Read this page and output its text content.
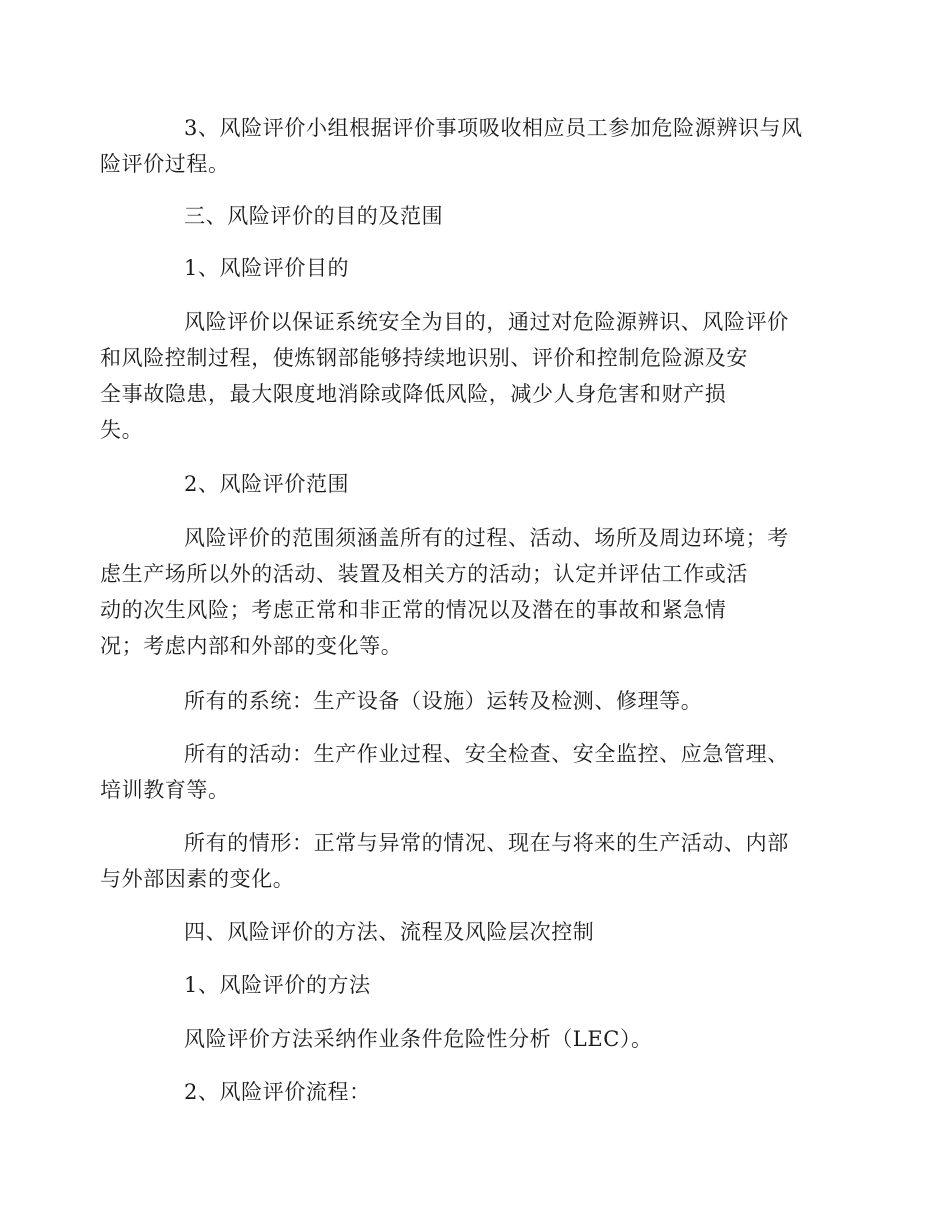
3、风险评价小组根据评价事项吸收相应员工参加危险源辨识与风
险评价过程。
三、风险评价的目的及范围
1、风险评价目的
风险评价以保证系统安全为目的，通过对危险源辨识、风险评价
和风险控制过程，使炼钢部能够持续地识别、评价和控制危险源及安
全事故隐患，最大限度地消除或降低风险，减少人身危害和财产损
失。
2、风险评价范围
风险评价的范围须涵盖所有的过程、活动、场所及周边环境；考
虑生产场所以外的活动、装置及相关方的活动；认定并评估工作或活
动的次生风险；考虑正常和非正常的情况以及潜在的事故和紧急情
况；考虑内部和外部的变化等。
所有的系统：生产设备（设施）运转及检测、修理等。
所有的活动：生产作业过程、安全检查、安全监控、应急管理、
培训教育等。
所有的情形：正常与异常的情况、现在与将来的生产活动、内部
与外部因素的变化。
四、风险评价的方法、流程及风险层次控制
1、风险评价的方法
风险评价方法采纳作业条件危险性分析（LEC）。
2、风险评价流程：
